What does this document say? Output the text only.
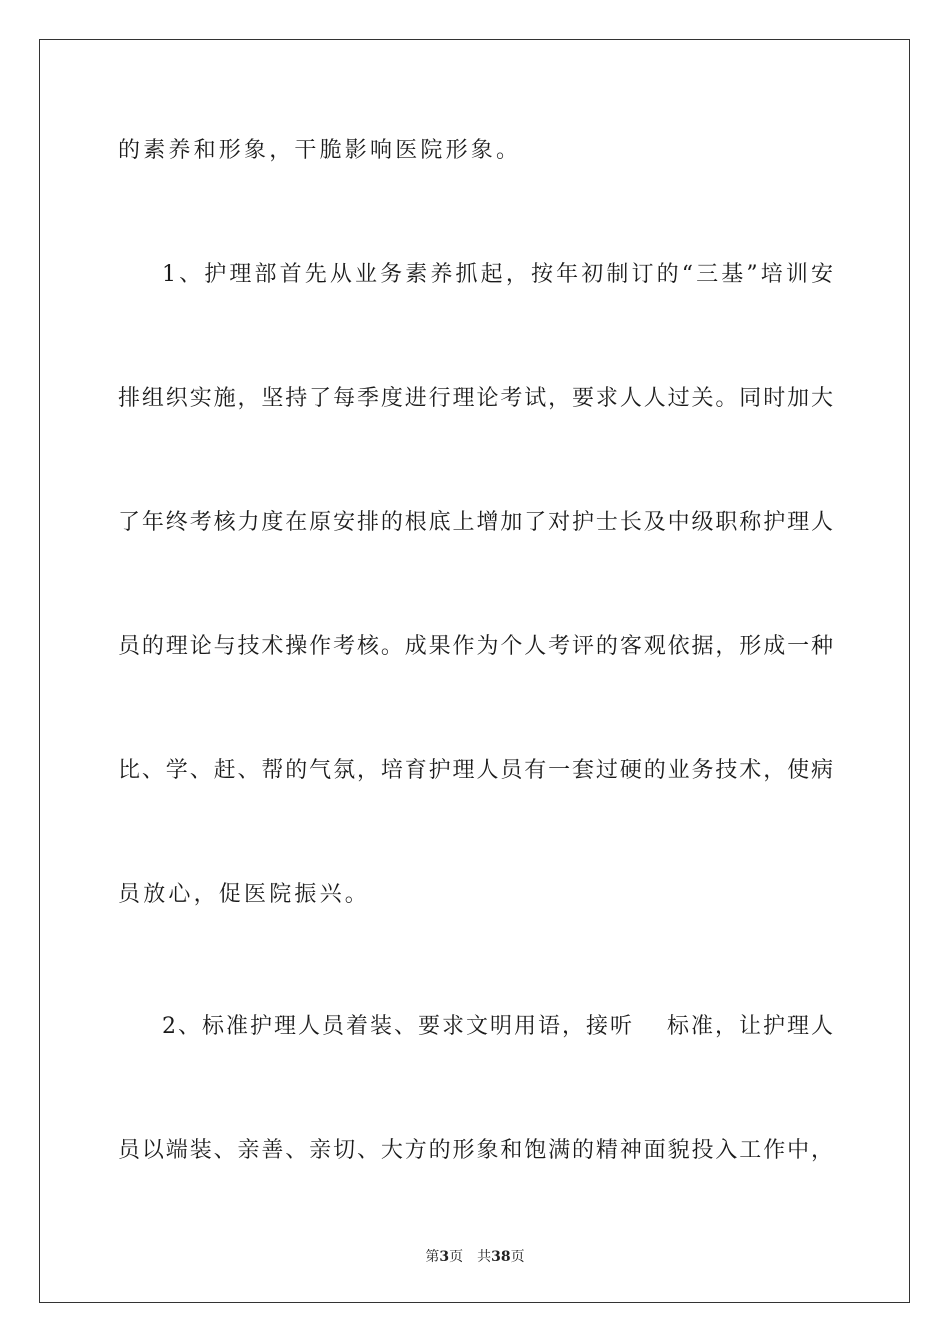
的素养和形象，干脆影响医院形象。
1、护理部首先从业务素养抓起，按年初制订的“三基”培训安
排组织实施，坚持了每季度进行理论考试，要求人人过关。同时加大
了年终考核力度在原安排的根底上增加了对护士长及中级职称护理人
员的理论与技术操作考核。成果作为个人考评的客观依据，形成一种
比、学、赶、帮的气氛，培育护理人员有一套过硬的业务技术，使病
员放心，促医院振兴。
2、标准护理人员着装、要求文明用语，接听　 标准，让护理人
员以端装、亲善、亲切、大方的形象和饱满的精神面貌投入工作中，
第3页 共38页
